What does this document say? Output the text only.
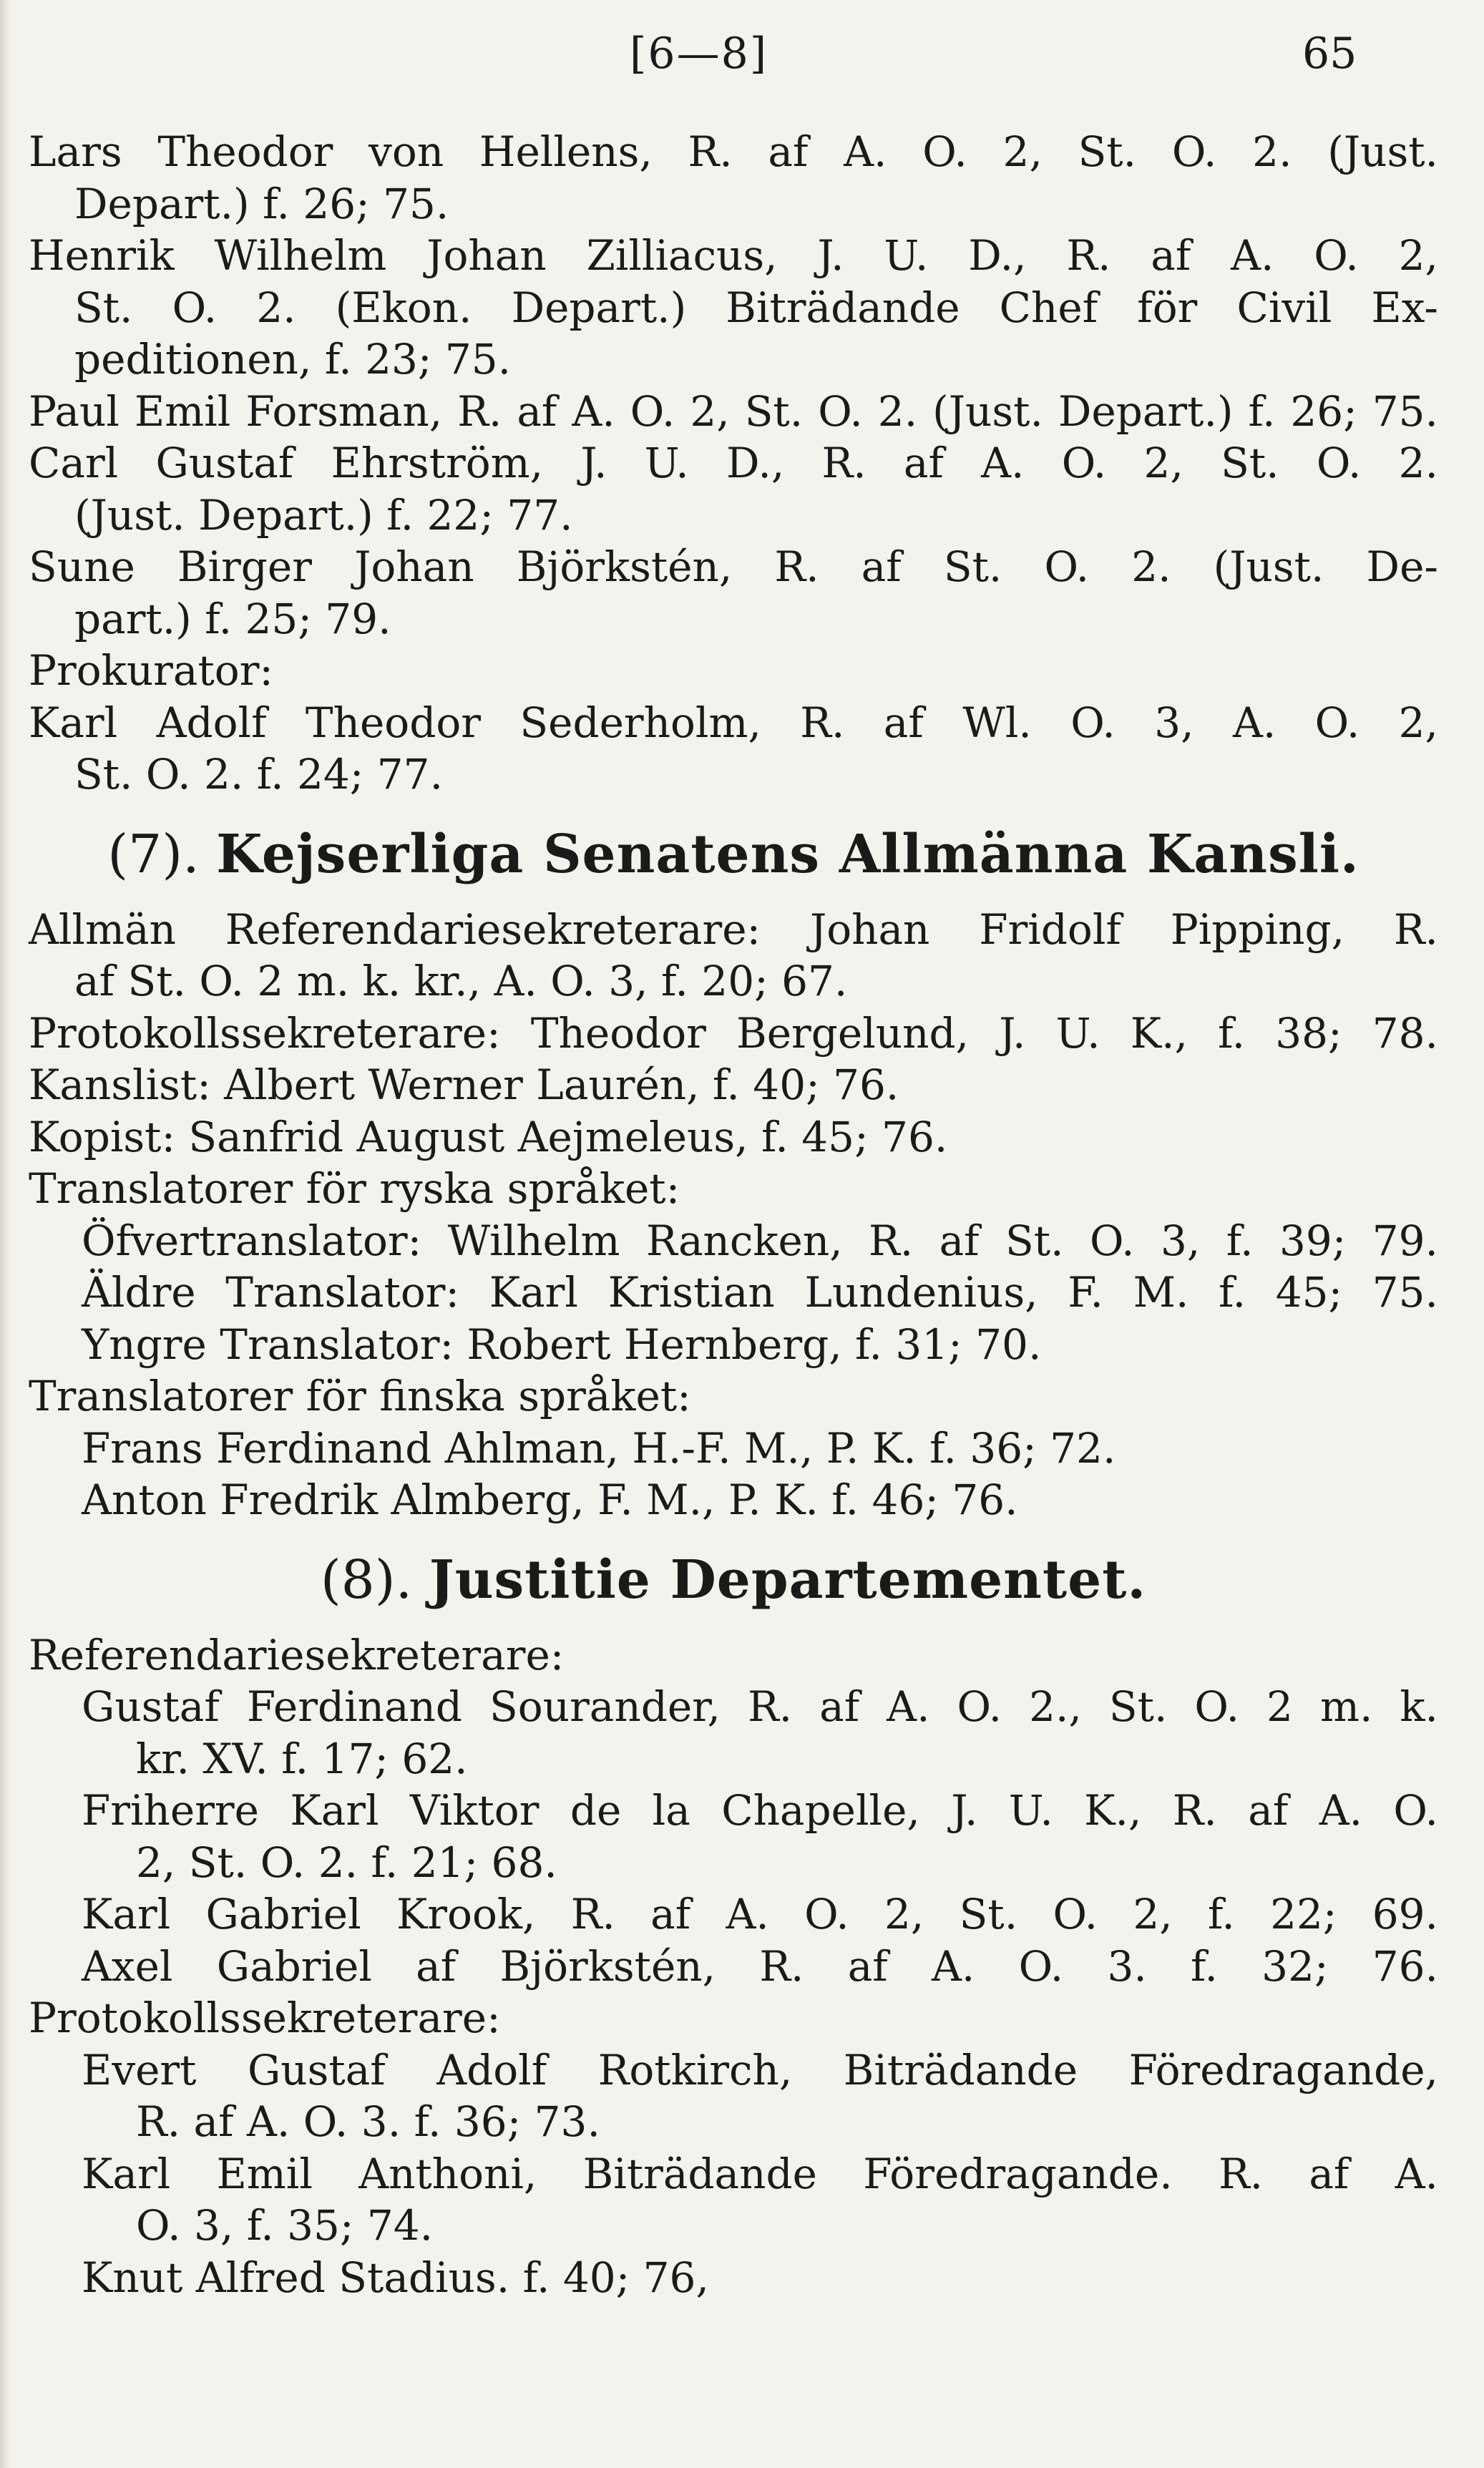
[6—8]	65
Lars Theodor von Hellens, R. af A. O. 2, St. O. 2. (Just.
Depart.) f. 26; 75.
Henrik Wilhelm Johan Zilliacus, J. U. D., R. af A. O. 2,
St. O. 2. (Ekon. Depart.) Biträdande Chef för Civil Ex-
peditionen, f. 23; 75.
Paul Emil Forsman, R. af A. O. 2, St. O. 2. (Just. Depart.) f. 26; 75.
Carl Gustaf Ehrström, J. U. D., R. af A. O. 2, St. O. 2.
(Just. Depart.) f. 22; 77.
Sune Birger Johan Björkstén, R. af St. O. 2. (Just. De-
part.) f. 25; 79.
Prokurator:
Karl Adolf Theodor Sederholm, R. af Wl. O. 3, A. O. 2,
St. O. 2. f. 24; 77.
(7). Kejserliga Senatens Allmänna Kansli.
Allmän Referendariesekreterare: Johan Fridolf Pipping, R.
af St. O. 2 m. k. kr., A. O. 3, f. 20; 67.
Protokollssekreterare: Theodor Bergelund, J. U. K., f. 38; 78.
Kanslist: Albert Werner Laurén, f. 40; 76.
Kopist: Sanfrid August Aejmeleus, f. 45; 76.
Translatorer för ryska språket:
Öfvertranslator: Wilhelm Rancken, R. af St. O. 3, f. 39; 79.
Äldre Translator: Karl Kristian Lundenius, F. M. f. 45; 75.
Yngre Translator: Robert Hernberg, f. 31; 70.
Translatorer för finska språket:
Frans Ferdinand Ahlman, H.-F. M., P. K. f. 36; 72.
Anton Fredrik Almberg, F. M., P. K. f. 46; 76.
(8). Justitie Departementet.
Referendariesekreterare:
Gustaf Ferdinand Sourander, R. af A. O. 2., St. O. 2 m. k.
kr. XV. f. 17; 62.
Friherre Karl Viktor de la Chapelle, J. U. K., R. af A. O.
2, St. O. 2. f. 21; 68.
Karl Gabriel Krook, R. af A. O. 2, St. O. 2, f. 22; 69.
Axel Gabriel af Björkstén, R. af A. O. 3. f. 32; 76.
Protokollssekreterare:
Evert Gustaf Adolf Rotkirch, Biträdande Föredragande,
R. af A. O. 3. f. 36; 73.
Karl Emil Anthoni, Biträdande Föredragande. R. af A.
O. 3, f. 35; 74.
Knut Alfred Stadius. f. 40; 76,
